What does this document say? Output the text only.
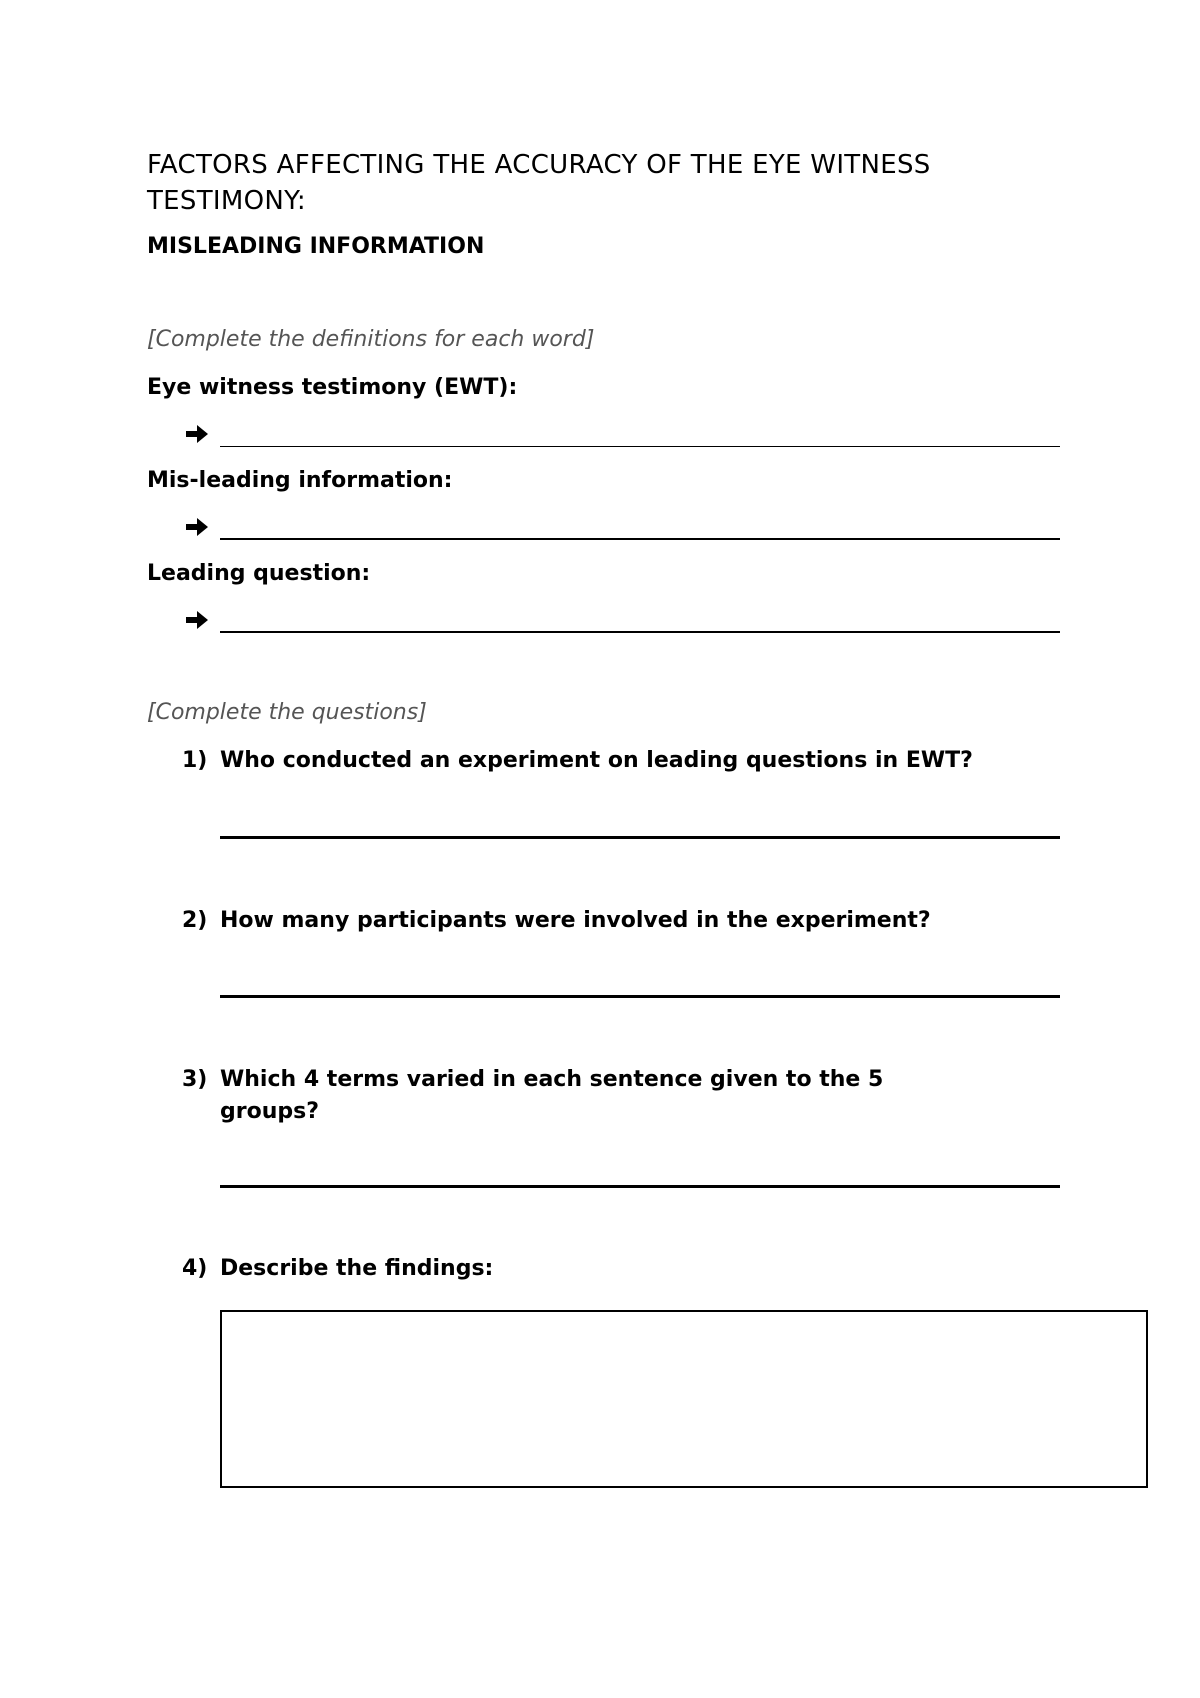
FACTORS AFFECTING THE ACCURACY OF THE EYE WITNESS TESTIMONY:
MISLEADING INFORMATION
[Complete the definitions for each word]
Eye witness testimony (EWT):
Mis-leading information:
Leading question:
[Complete the questions]
1) Who conducted an experiment on leading questions in EWT?
2) How many participants were involved in the experiment?
3) Which 4 terms varied in each sentence given to the 5 groups?
4) Describe the findings:
